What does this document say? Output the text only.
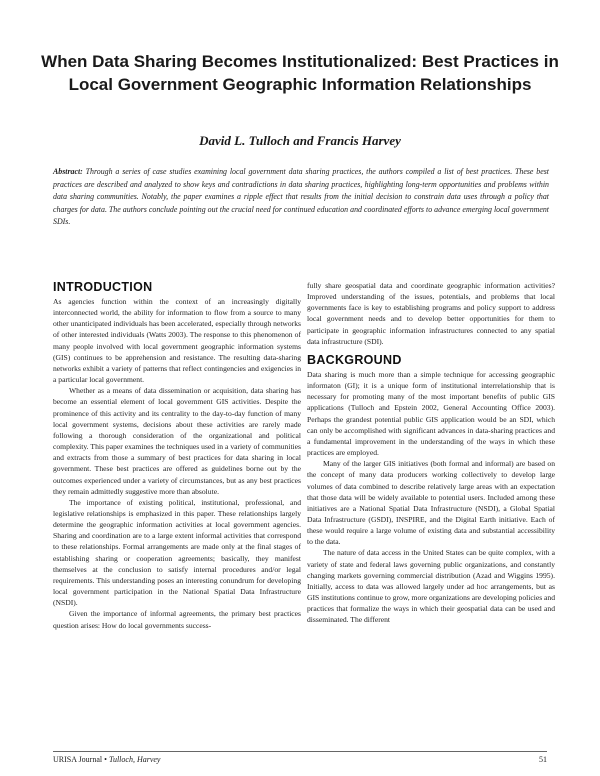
When Data Sharing Becomes Institutionalized: Best Practices in Local Government Geographic Information Relationships
David L. Tulloch and Francis Harvey
Abstract: Through a series of case studies examining local government data sharing practices, the authors compiled a list of best practices. These best practices are described and analyzed to show keys and contradictions in data sharing practices, highlighting long-term opportunities and problems within data sharing communities. Notably, the paper examines a ripple effect that results from the initial decision to constrain data uses through a policy that charges for data. The authors conclude pointing out the crucial need for continued education and coordinated efforts to advance emerging local government SDIs.
INTRODUCTION

As agencies function within the context of an increasingly digitally interconnected world, the ability for information to flow from a source to many other unanticipated individuals has been accelerated, especially through networks of other interested individuals (Watts 2003). The response to this phenomenon of many people involved with local government geographic information systems (GIS) continues to be apprehension and resistance. The resulting data-sharing networks exhibit a variety of patterns that reflect contingencies and exigencies in a particular local government.

Whether as a means of data dissemination or acquisition, data sharing has become an essential element of local government GIS activities. Despite the prominence of this activity and its centrality to the day-to-day function of many local government systems, decisions about these activities are rarely made following a thorough consideration of the organizational and political complexity. This paper examines the techniques used in a variety of communities and extracts from those a summary of best practices for data sharing in local government. These best practices are offered as guidelines borne out by the outcomes experienced under a variety of circumstances, but as any best practices they remain admittedly suggestive more than absolute.

The importance of existing political, institutional, professional, and legislative relationships is emphasized in this paper. These relationships largely determine the geographic information activities at local government agencies. Sharing and coordination are to a large extent informal activities that correspond to these relationships. Formal arrangements are made only at the final stages of establishing sharing or cooperation agreements; basically, they manifest themselves at the conclusion to satisfy internal procedures and/or legal requirements. This understanding poses an interesting conundrum for developing local government participation in the National Spatial Data Infrastructure (NSDI).

Given the importance of informal agreements, the primary best practices question arises: How do local governments success-

fully share geospatial data and coordinate geographic information activities? Improved understanding of the issues, potentials, and problems that local governments face is key to establishing programs and policy support to address local government needs and to develop better opportunities for them to participate in geographic information infrastructures connected to any spatial data infrastructure (SDI).

BACKGROUND

Data sharing is much more than a simple technique for accessing geographic informaton (GI); it is a unique form of institutional interrelationship that is necessary for promoting many of the most important benefits of public GIS applications (Tulloch and Epstein 2002, General Accounting Office 2003). Perhaps the grandest potential public GIS application would be an SDI, which can only be accomplished with significant advances in data-sharing practices and a fundamental improvement in the understanding of the ways in which these practices are employed.

Many of the larger GIS initiatives (both formal and informal) are based on the concept of many data producers working collectively to develop large volumes of data combined to describe relatively large areas with an expectation that those data will be widely available to potential users. Included among these initiatives are a National Spatial Data Infrastructure (NSDI), a Global Spatial Data Infrastructure (GSDI), INSPIRE, and the Digital Earth initiative. Each of these would require a large volume of existing data and substantial accessibility to the data.

The nature of data access in the United States can be quite complex, with a variety of state and federal laws governing public organizations, and constantly changing markets governing commercial distribution (Azad and Wiggins 1995). Initially, access to data was allowed largely under ad hoc arrangements, but as GIS institutions continue to grow, more organizations are developing policies and practices that formalize the ways in which their geospatial data can be used and disseminated. The different

URISA Journal • Tulloch, Harvey	51
